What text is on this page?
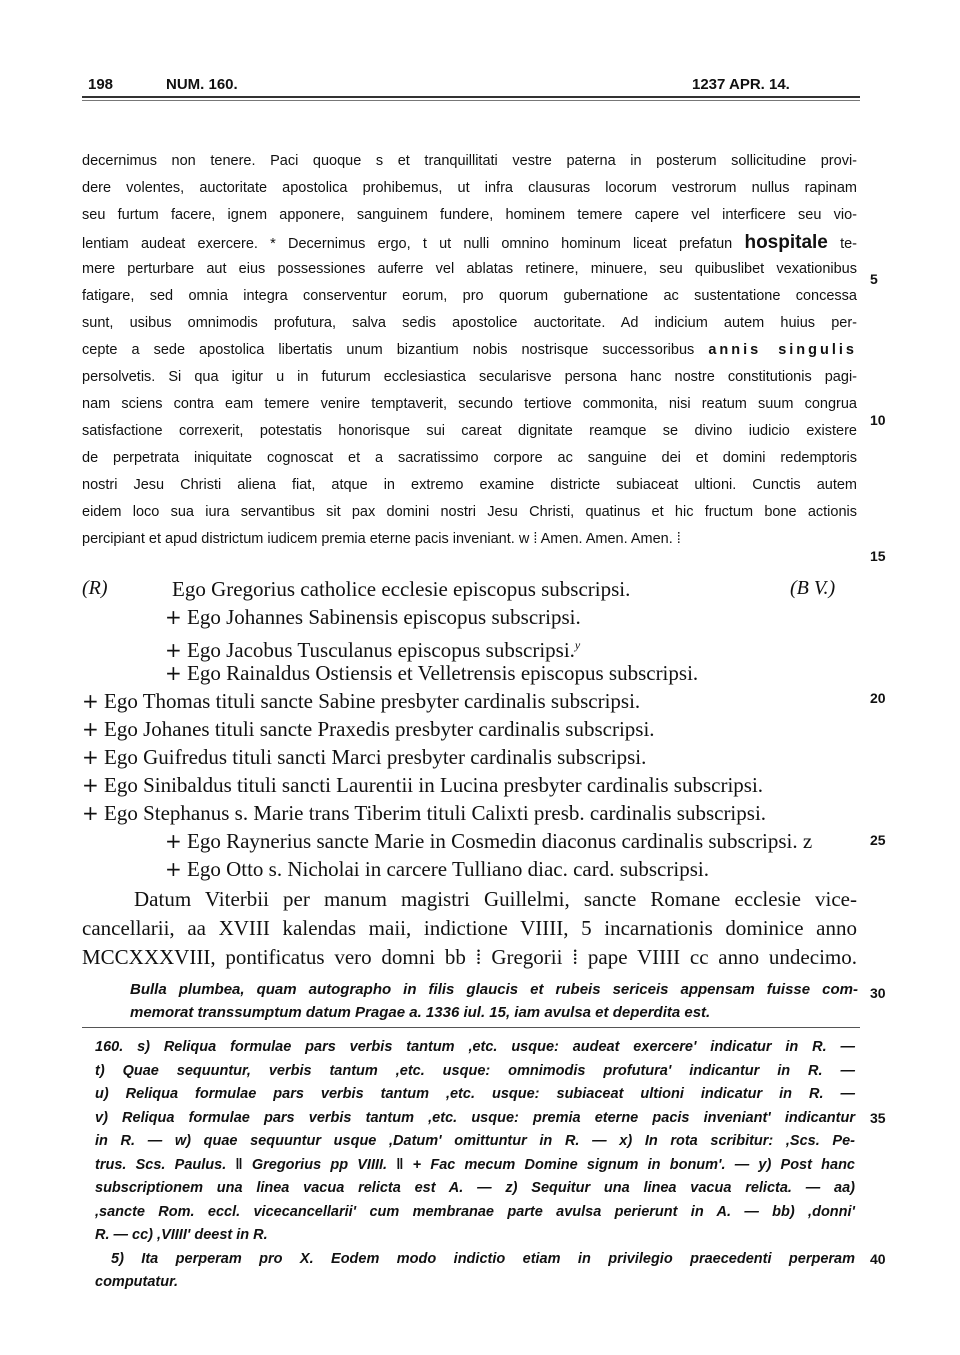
198	NUM. 160.	1237 APR. 14.
decernimus non tenere. Paci quoque s et tranquillitati vestre paterna in posterum sollicitudine provi-
dere volentes, auctoritate apostolica prohibemus, ut infra clausuras locorum vestrorum nullus rapinam
seu furtum facere, ignem apponere, sanguinem fundere, hominem temere capere vel interficere seu vio-
lentiam audeat exercere. * Decernimus ergo, t ut nulli omnino hominum liceat prefatun hospitale te-
mere perturbare aut eius possessiones auferre vel ablatas retinere, minuere, seu quibuslibet vexationibus
fatigare, sed omnia integra conserventur eorum, pro quorum gubernatione ac sustentatione concessa
sunt, usibus omnimodis profutura, salva sedis apostolice auctoritate. Ad indicium autem huius per-
cepte a sede apostolica libertatis unum bizantium nobis nostrisque successoribus annis singulis
persolvetis. Si qua igitur u in futurum ecclesiastica secularisve persona hanc nostre constitutionis pagi-
nam sciens contra eam temere venire temptaverit, secundo tertiove commonita, nisi reatum suum congrua
satisfactione correxerit, potestatis honorisque sui careat dignitate reamque se divino iudicio existere
de perpetrata iniquitate cognoscat et a sacratissimo corpore ac sanguine dei et domini redemptoris
nostri Jesu Christi aliena fiat, atque in extremo examine districte subiaceat ultioni. Cunctis autem
eidem loco sua iura servantibus sit pax domini nostri Jesu Christi, quatinus et hic fructum bone actionis
percipiant et apud districtum iudicem premia eterne pacis inveniant. w ⁞ Amen. Amen. Amen. ⁞
5
10
15
20
25
30
35
40
(R)	(B V.)
Ego Gregorius catholice ecclesie episcopus subscripsi.
+ Ego Johannes Sabinensis episcopus subscripsi.
+ Ego Jacobus Tusculanus episcopus subscripsi.$^y$
+ Ego Rainaldus Ostiensis et Velletrensis episcopus subscripsi.
+ Ego Thomas tituli sancte Sabine presbyter cardinalis subscripsi.
+ Ego Johanes tituli sancte Praxedis presbyter cardinalis subscripsi.
+ Ego Guifredus tituli sancti Marci presbyter cardinalis subscripsi.
+ Ego Sinibaldus tituli sancti Laurentii in Lucina presbyter cardinalis subscripsi.
+ Ego Stephanus s. Marie trans Tiberim tituli Calixti presb. cardinalis subscripsi.
+ Ego Raynerius sancte Marie in Cosmedin diaconus cardinalis subscripsi. z
+ Ego Otto s. Nicholai in carcere Tulliano diac. card. subscripsi.
Datum Viterbii per manum magistri Guillelmi, sancte Romane ecclesie vice-
cancellarii, aa XVIII kalendas maii, indictione VIIII, 5 incarnationis dominice anno
MCCXXXVIII, pontificatus vero domni bb ⁞ Gregorii ⁞ pape VIIII cc anno undecimo.
Bulla plumbea, quam autographo in filis glaucis et rubeis sericeis appensam fuisse com-
memorat transsumptum datum Pragae a. 1336 iul. 15, iam avulsa et deperdita est.
160. s) Reliqua formulae pars verbis tantum ,etc. usque: audeat exercere' indicatur in R. —
t) Quae sequuntur, verbis tantum ,etc. usque: omnimodis profutura' indicantur in R. —
u) Reliqua formulae pars verbis tantum ,etc. usque: subiaceat ultioni indicatur in R. —
v) Reliqua formulae pars verbis tantum ,etc. usque: premia eterne pacis inveniant' indicantur
in R. — w) quae sequuntur usque ,Datum' omittuntur in R. — x) In rota scribitur: ,Scs. Pe-
trus. Scs. Paulus. ‖ Gregorius pp VIIII. ‖ + Fac mecum Domine signum in bonum'. — y) Post hanc
subscriptionem una linea vacua relicta est A. — z) Sequitur una linea vacua relicta. — aa)
,sancte Rom. eccl. vicecancellarii' cum membranae parte avulsa perierunt in A. — bb) ,donni'
R. — cc) ,VIIII' deest in R.
5) Ita perperam pro X. Eodem modo indictio etiam in privilegio praecedenti perperam
computatur.
